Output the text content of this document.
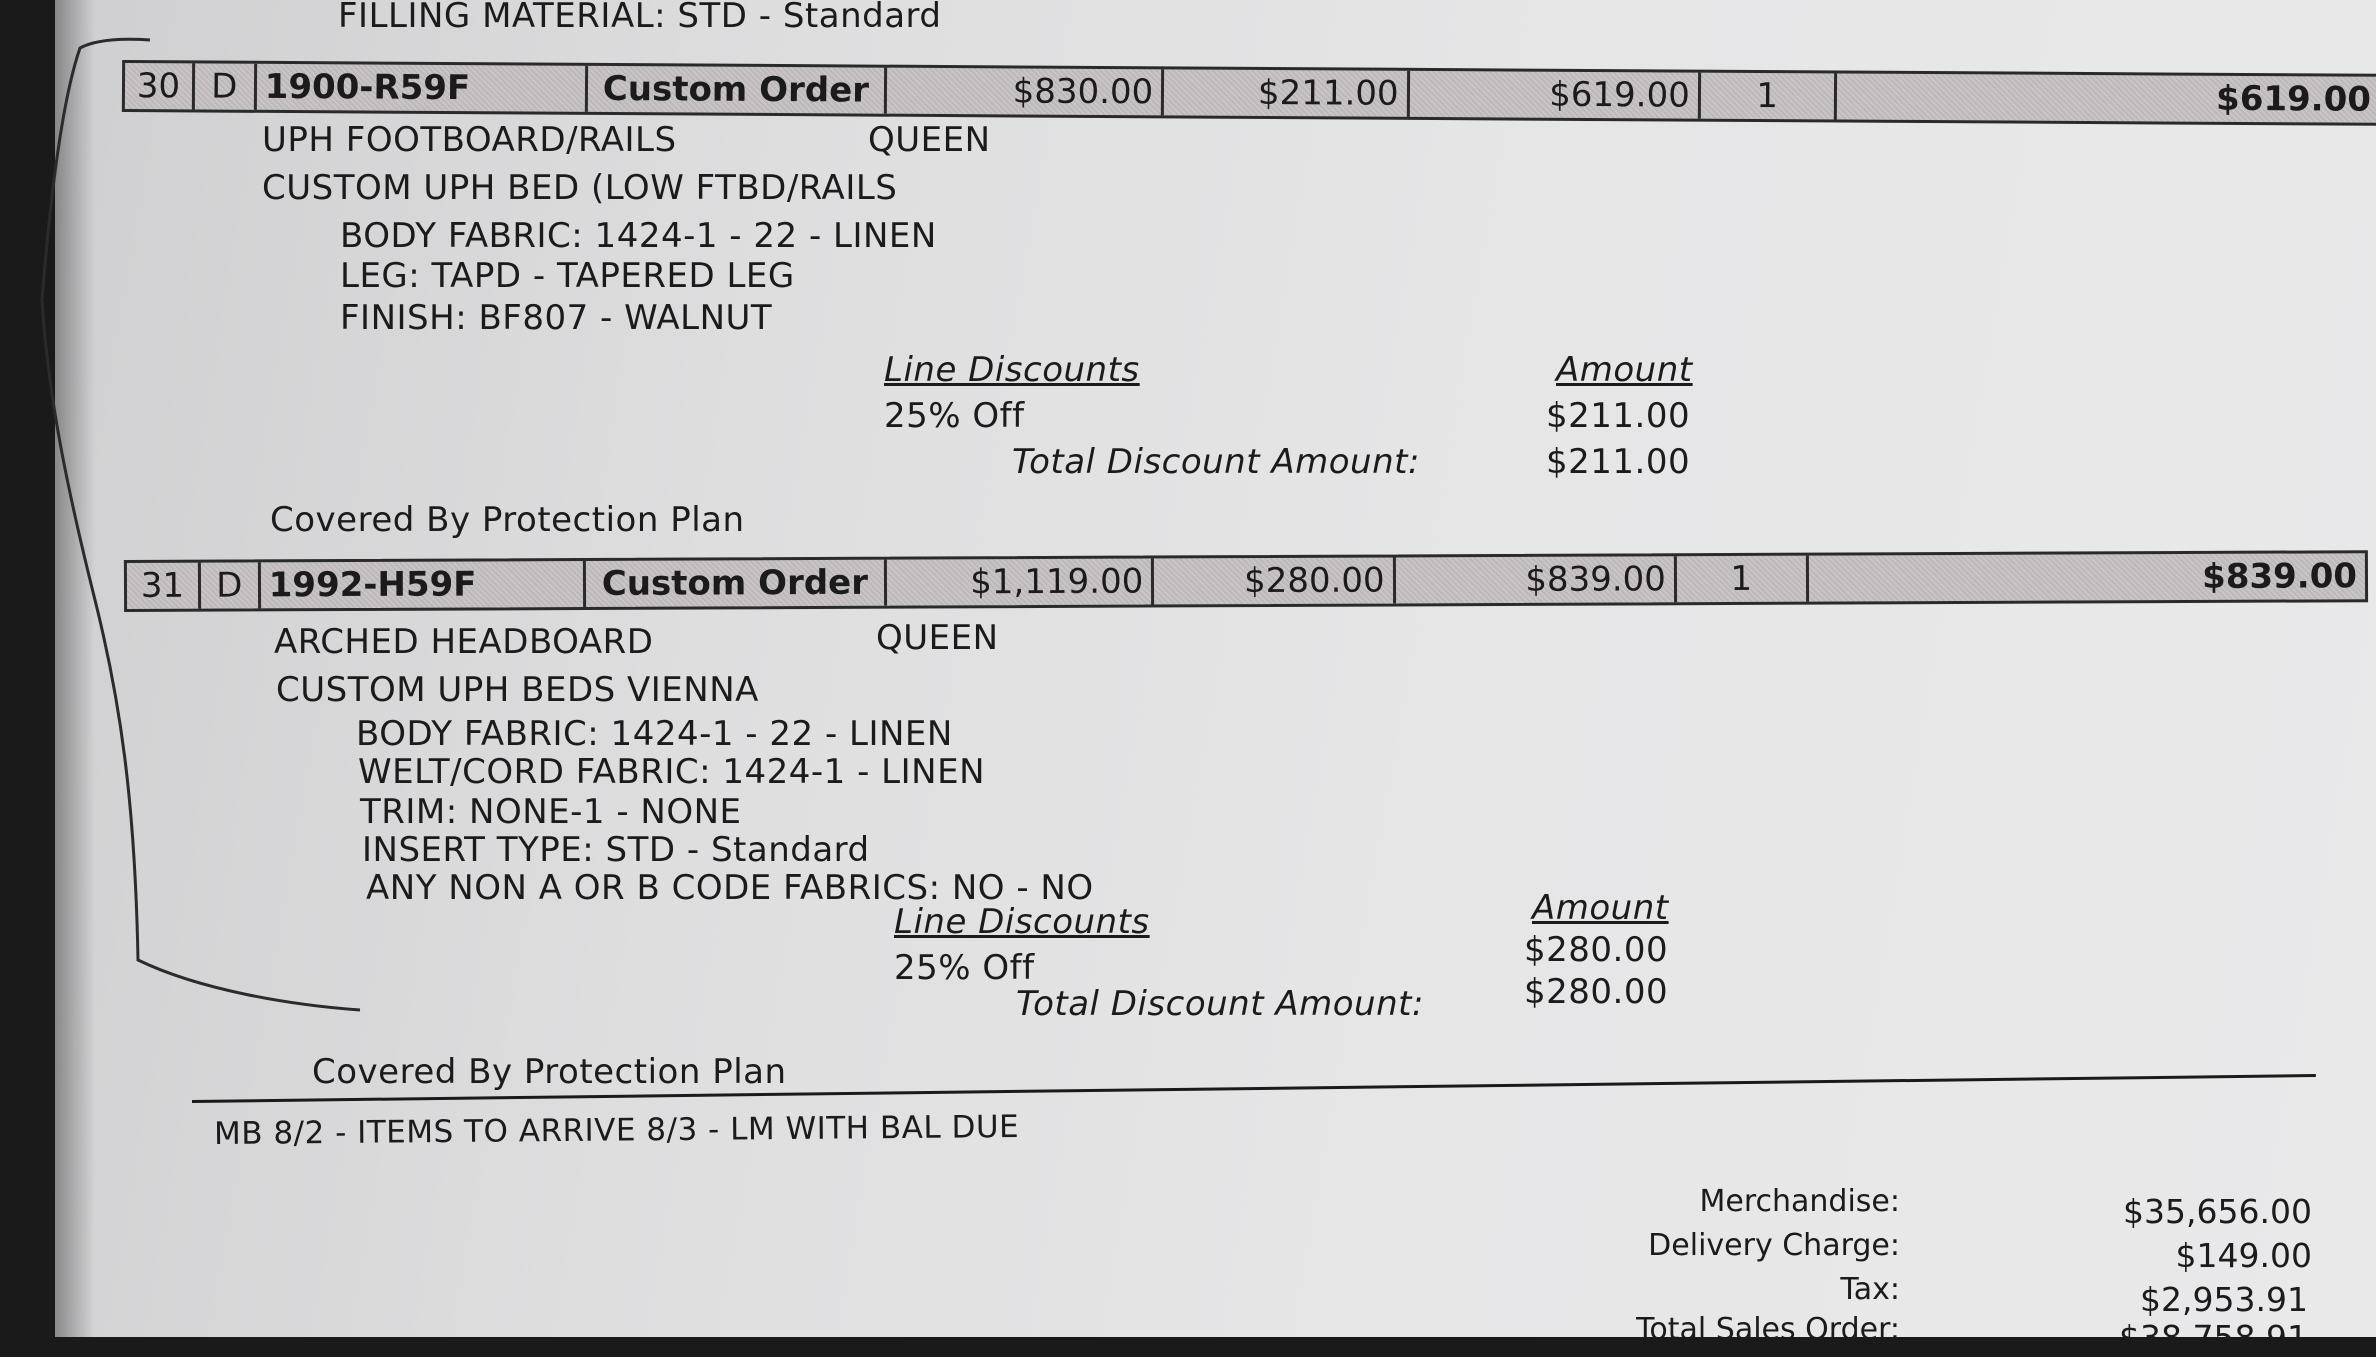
FILLING MATERIAL: STD - Standard
30 D 1900-R59F	Custom Order	$830.00	$211.00	$619.00	1	$619.00
UPH FOOTBOARD/RAILS	QUEEN
CUSTOM UPH BED (LOW FTBD/RAILS
BODY FABRIC: 1424-1 - 22 - LINEN
LEG: TAPD - TAPERED LEG
FINISH: BF807 - WALNUT
Line Discounts	Amount
25% Off	$211.00
Total Discount Amount:	$211.00
Covered By Protection Plan
31 D 1992-H59F	Custom Order	$1,119.00	$280.00	$839.00	1	$839.00
ARCHED HEADBOARD	QUEEN
CUSTOM UPH BEDS VIENNA
BODY FABRIC: 1424-1 - 22 - LINEN
WELT/CORD FABRIC: 1424-1 - LINEN
TRIM: NONE-1 - NONE
INSERT TYPE: STD - Standard
ANY NON A OR B CODE FABRICS: NO - NO
Line Discounts	Amount
25% Off	$280.00
Total Discount Amount:	$280.00
Covered By Protection Plan
MB 8/2 - ITEMS TO ARRIVE 8/3 - LM WITH BAL DUE
Merchandise:	$35,656.00
Delivery Charge:	$149.00
Tax:	$2,953.91
Total Sales Order:	$38,758.91
